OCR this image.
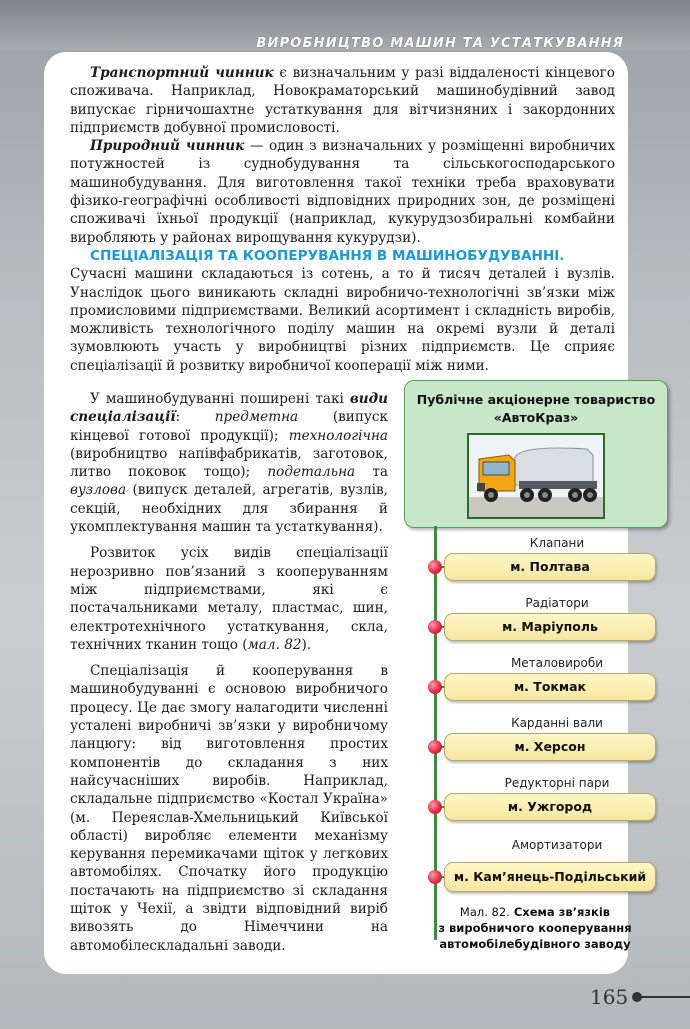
ВИРОБНИЦТВО МАШИН ТА УСТАТКУВАННЯ

Транспортний чинник є визначальним у разі віддаленості кінцевого споживача. Наприклад, Новокраматорський машинобудівний завод випускає гірничошахтне устаткування для вітчизняних і закордонних підприємств добувної промисловості.

Природний чинник — один з визначальних у розміщенні виробничих потужностей із суднобудування та сільськогосподарського машинобудування. Для виготовлення такої техніки треба враховувати фізико-географічні особливості відповідних природних зон, де розміщені споживачі їхньої продукції (наприклад, кукурудзозбиральні комбайни виробляють у районах вирощування кукурудзи).

СПЕЦІАЛІЗАЦІЯ ТА КООПЕРУВАННЯ В МАШИНОБУДУВАННІ.

Сучасні машини складаються із сотень, а то й тисяч деталей і вузлів. Унаслідок цього виникають складні виробничо-технологічні зв’язки між промисловими підприємствами. Великий асортимент і складність виробів, можливість технологічного поділу машин на окремі вузли й деталі зумовлюють участь у виробництві різних підприємств. Це сприяє спеціалізації й розвитку виробничої кооперації між ними.

У машинобудуванні поширені такі види спеціалізації: предметна (випуск кінцевої готової продукції); технологічна (виробництво напівфабрикатів, заготовок, литво поковок тощо); подетальна та вузлова (випуск деталей, агрегатів, вузлів, секцій, необхідних для збирання й укомплектування машин та устаткування).

Розвиток усіх видів спеціалізації нерозривно пов’язаний з коопeруванням між підприємствами, які є постачальниками металу, пластмас, шин, електротехнічного устаткування, скла, технічних тканин тощо (мал. 82).

Спеціалізація й кооперування в машинобудуванні є основою виробничого процесу. Це дає змогу налагодити численні усталені виробничі зв’язки у виробничому ланцюгу: від виготовлення простих компонентів до складання з них найсучасніших виробів. Наприклад, складальне підприємство «Костал Україна» (м. Переяслав-Хмельницький Київської області) виробляє елементи механізму керування перемикачами щіток у легкових автомобілях. Спочатку його продукцію постачають на підприємство зі складання щіток у Чехії, а звідти відповідний виріб вивозять до Німеччини на автомобілескладальні заводи.

Публічне акціонерне товариство
«АвтоКраз»
Клапани
м. Полтава
Радіатори
м. Маріуполь
Металовироби
м. Токмак
Карданні вали
м. Херсон
Редукторні пари
м. Ужгород
Амортизатори
м. Кам’янець-Подільський
Мал. 82. Схема зв’язків
з виробничого кооперування
автомобілебудівного заводу
165
